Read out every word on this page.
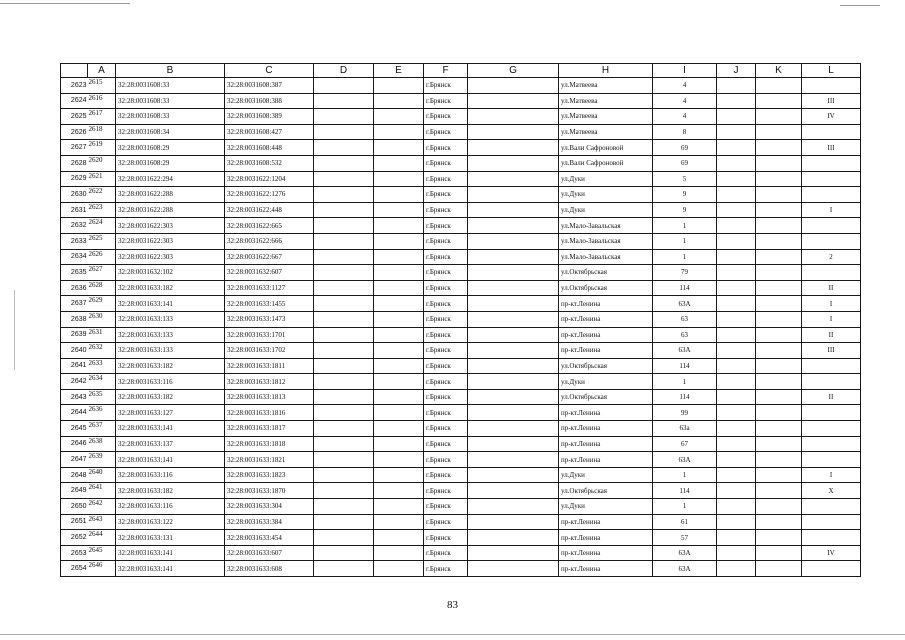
	A	B	C	D	E	F	G	H	I	J	K	L
2623	2615	32:28:0031608:33	32:28:0031608:387			г.Брянск		ул.Матвеева	4			
2624	2616	32:28:0031608:33	32:28:0031608:388			г.Брянск		ул.Матвеева	4			III
2625	2617	32:28:0031608:33	32:28:0031608:389			г.Брянск		ул.Матвеева	4			IV
2626	2618	32:28:0031608:34	32:28:0031608:427			г.Брянск		ул.Матвеева	8			
2627	2619	32:28:0031608:29	32:28:0031608:448			г.Брянск		ул.Вали Сафроновой	69			III
2628	2620	32:28:0031608:29	32:28:0031608:532			г.Брянск		ул.Вали Сафроновой	69			
2629	2621	32:28:0031622:294	32:28:0031622:1204			г.Брянск		ул.Дуки	5			
2630	2622	32:28:0031622:288	32:28:0031622:1276			г.Брянск		ул.Дуки	9			
2631	2623	32:28:0031622:288	32:28:0031622:448			г.Брянск		ул.Дуки	9			I
2632	2624	32:28:0031622:303	32:28:0031622:665			г.Брянск		ул.Мало-Завальская	1			
2633	2625	32:28:0031622:303	32:28:0031622:666			г.Брянск		ул.Мало-Завальская	1			
2634	2626	32:28:0031622:303	32:28:0031622:667			г.Брянск		ул.Мало-Завальская	1			2
2635	2627	32:28:0031632:102	32:28:0031632:607			г.Брянск		ул.Октябрьская	79			
2636	2628	32:28:0031633:182	32:28:0031633:1127			г.Брянск		ул.Октябрьская	114			II
2637	2629	32:28:0031633:141	32:28:0031633:1455			г.Брянск		пр-кт.Ленина	63А			I
2638	2630	32:28:0031633:133	32:28:0031633:1473			г.Брянск		пр-кт.Ленина	63			I
2639	2631	32:28:0031633:133	32:28:0031633:1701			г.Брянск		пр-кт.Ленина	63			II
2640	2632	32:28:0031633:133	32:28:0031633:1702			г.Брянск		пр-кт.Ленина	63А			III
2641	2633	32:28:0031633:182	32:28:0031633:1811			г.Брянск		ул.Октябрьская	114			
2642	2634	32:28:0031633:116	32:28:0031633:1812			г.Брянск		ул.Дуки	1			
2643	2635	32:28:0031633:182	32:28:0031633:1813			г.Брянск		ул.Октябрьская	114			II
2644	2636	32:28:0031633:127	32:28:0031633:1816			г.Брянск		пр-кт.Ленина	99			
2645	2637	32:28:0031633:141	32:28:0031633:1817			г.Брянск		пр-кт.Ленина	63а			
2646	2638	32:28:0031633:137	32:28:0031633:1818			г.Брянск		пр-кт.Ленина	67			
2647	2639	32:28:0031633:141	32:28:0031633:1821			г.Брянск		пр-кт.Ленина	63А			
2648	2640	32:28:0031633:116	32:28:0031633:1823			г.Брянск		ул.Дуки	1			I
2649	2641	32:28:0031633:182	32:28:0031633:1870			г.Брянск		ул.Октябрьская	114			X
2650	2642	32:28:0031633:116	32:28:0031633:304			г.Брянск		ул.Дуки	1			
2651	2643	32:28:0031633:122	32:28:0031633:384			г.Брянск		пр-кт.Ленина	61			
2652	2644	32:28:0031633:131	32:28:0031633:454			г.Брянск		пр-кт.Ленина	57			
2653	2645	32:28:0031633:141	32:28:0031633:607			г.Брянск		пр-кт.Ленина	63А			IV
2654	2646	32:28:0031633:141	32:28:0031633:608			г.Брянск		пр-кт.Ленина	63А			
83
